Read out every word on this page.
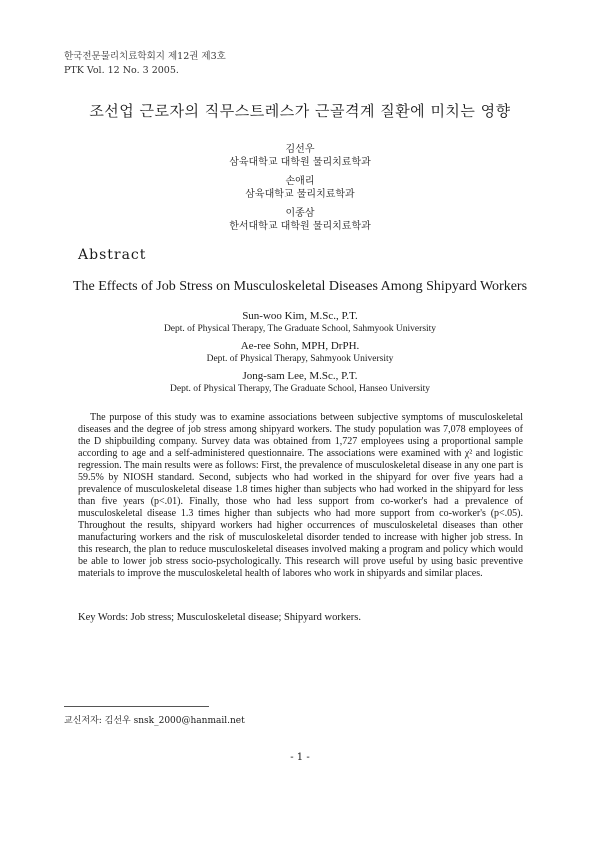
한국전문물리치료학회지 제12권 제3호
PTK Vol. 12 No. 3 2005.
조선업 근로자의 직무스트레스가 근골격계 질환에 미치는 영향
김선우
삼육대학교 대학원 물리치료학과
손애리
삼육대학교 물리치료학과
이종삼
한서대학교 대학원 물리치료학과
Abstract
The Effects of Job Stress on Musculoskeletal Diseases Among Shipyard Workers
Sun-woo Kim, M.Sc., P.T.
Dept. of Physical Therapy, The Graduate School, Sahmyook University
Ae-ree Sohn, MPH, DrPH.
Dept. of Physical Therapy, Sahmyook University
Jong-sam Lee, M.Sc., P.T.
Dept. of Physical Therapy, The Graduate School, Hanseo University

The purpose of this study was to examine associations between subjective symptoms of musculoskeletal diseases and the degree of job stress among shipyard workers. The study population was 7,078 employees of the D shipbuilding company. Survey data was obtained from 1,727 employees using a proportional sample according to age and a self-administered questionnaire. The associations were examined with χ² and logistic regression. The main results were as follows: First, the prevalence of musculoskeletal disease in any one part is 59.5% by NIOSH standard. Second, subjects who had worked in the shipyard for over five years had a prevalence of musculoskeletal disease 1.8 times higher than subjects who had worked in the shipyard for less than five years (p<.01). Finally, those who had less support from co-worker's had a prevalence of musculoskeletal disease 1.3 times higher than subjects who had more support from co-worker's (p<.05). Throughout the results, shipyard workers had higher occurrences of musculoskeletal diseases than other manufacturing workers and the risk of musculoskeletal disorder tended to increase with higher job stress. In this research, the plan to reduce musculoskeletal diseases involved making a program and policy which would be able to lower job stress socio-psychologically. This research will prove useful by using basic preventive materials to improve the musculoskeletal health of labores who work in shipyards and similar places.

Key Words: Job stress; Musculoskeletal disease; Shipyard workers.
교신저자: 김선우 snsk_2000@hanmail.net
- 1 -
